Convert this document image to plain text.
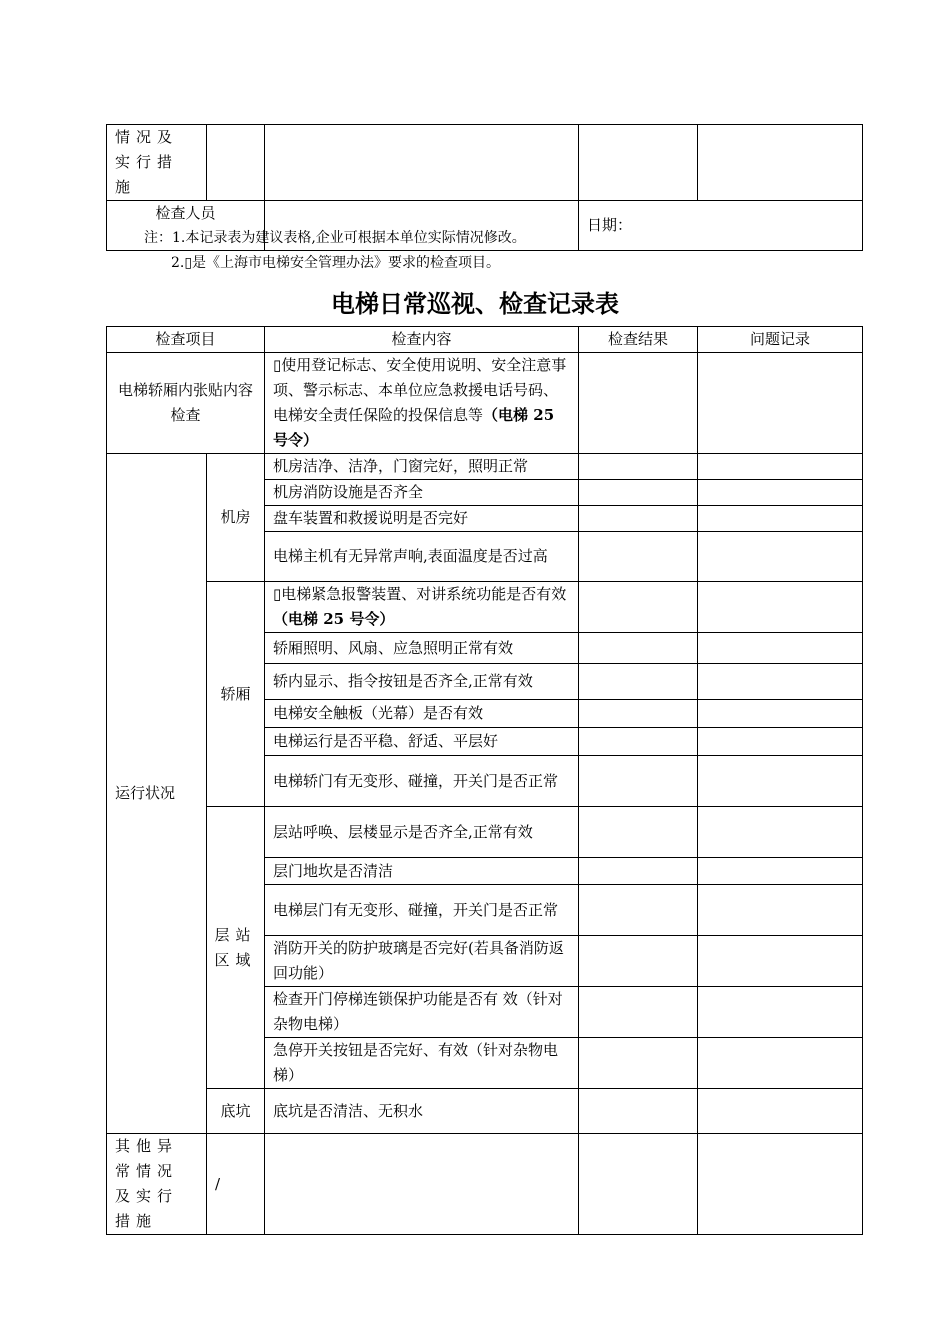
情况及实行措施				
检查人员			日期：	
注：1.本记录表为建议表格,企业可根据本单位实际情况修改。
2.▯是《上海市电梯安全管理办法》要求的检查项目。
电梯日常巡视、检查记录表
检查项目		检查内容	检查结果	问题记录
电梯轿厢内张贴内容检查		▯使用登记标志、安全使用说明、安全注意事项、警示标志、本单位应急救援电话号码、电梯安全责任保险的投保信息等（电梯 25 号令）		
运行状况	机房	机房洁净、洁净，门窗完好，照明正常		
		机房消防设施是否齐全		
		盘车装置和救援说明是否完好		
		电梯主机有无异常声响,表面温度是否过高		
	轿厢	▯电梯紧急报警装置、对讲系统功能是否有效（电梯 25 号令）		
		轿厢照明、风扇、应急照明正常有效		
		轿内显示、指令按钮是否齐全,正常有效		
		电梯安全触板（光幕）是否有效		
		电梯运行是否平稳、舒适、平层好		
		电梯轿门有无变形、碰撞，开关门是否正常		
	层站区域	层站呼唤、层楼显示是否齐全,正常有效		
		层门地坎是否清洁		
		电梯层门有无变形、碰撞，开关门是否正常		
		消防开关的防护玻璃是否完好(若具备消防返回功能）		
		检查开门停梯连锁保护功能是否有 效（针对杂物电梯）		
		急停开关按钮是否完好、有效（针对杂物电梯）		
	底坑	底坑是否清洁、无积水		
其他异常情况及实行措施	/			
